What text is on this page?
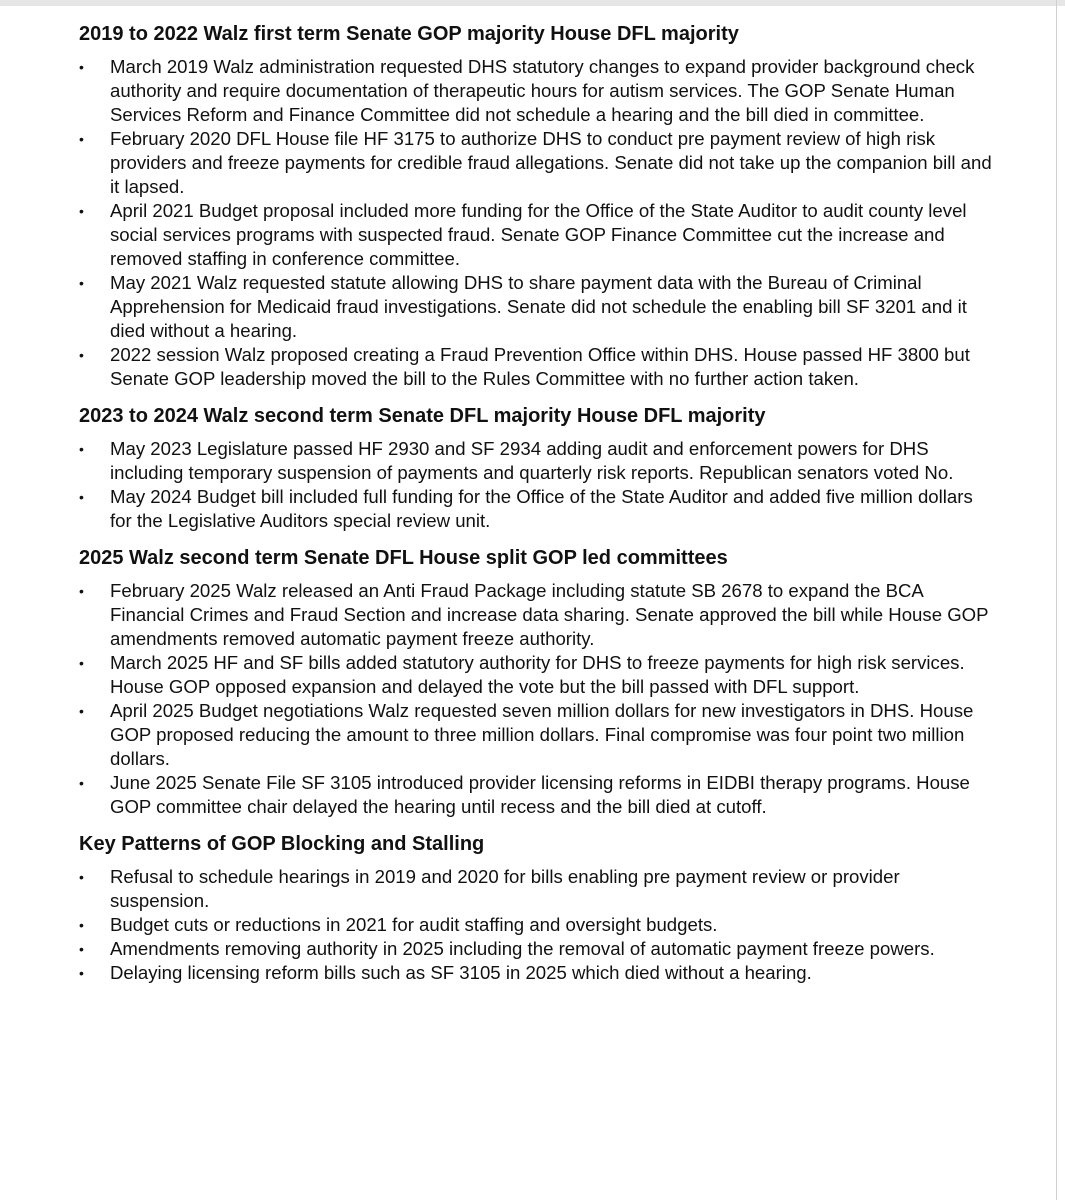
2019 to 2022 Walz first term Senate GOP majority House DFL majority
•	March 2019 Walz administration requested DHS statutory changes to expand provider background check authority and require documentation of therapeutic hours for autism services. The GOP Senate Human Services Reform and Finance Committee did not schedule a hearing and the bill died in committee.
•	February 2020 DFL House file HF 3175 to authorize DHS to conduct pre payment review of high risk providers and freeze payments for credible fraud allegations. Senate did not take up the companion bill and it lapsed.
•	April 2021 Budget proposal included more funding for the Office of the State Auditor to audit county level social services programs with suspected fraud. Senate GOP Finance Committee cut the increase and removed staffing in conference committee.
•	May 2021 Walz requested statute allowing DHS to share payment data with the Bureau of Criminal Apprehension for Medicaid fraud investigations. Senate did not schedule the enabling bill SF 3201 and it died without a hearing.
•	2022 session Walz proposed creating a Fraud Prevention Office within DHS. House passed HF 3800 but Senate GOP leadership moved the bill to the Rules Committee with no further action taken.
2023 to 2024 Walz second term Senate DFL majority House DFL majority
•	May 2023 Legislature passed HF 2930 and SF 2934 adding audit and enforcement powers for DHS including temporary suspension of payments and quarterly risk reports. Republican senators voted No.
•	May 2024 Budget bill included full funding for the Office of the State Auditor and added five million dollars for the Legislative Auditors special review unit.
2025 Walz second term Senate DFL House split GOP led committees
•	February 2025 Walz released an Anti Fraud Package including statute SB 2678 to expand the BCA Financial Crimes and Fraud Section and increase data sharing. Senate approved the bill while House GOP amendments removed automatic payment freeze authority.
•	March 2025 HF and SF bills added statutory authority for DHS to freeze payments for high risk services. House GOP opposed expansion and delayed the vote but the bill passed with DFL support.
•	April 2025 Budget negotiations Walz requested seven million dollars for new investigators in DHS. House GOP proposed reducing the amount to three million dollars. Final compromise was four point two million dollars.
•	June 2025 Senate File SF 3105 introduced provider licensing reforms in EIDBI therapy programs. House GOP committee chair delayed the hearing until recess and the bill died at cutoff.
Key Patterns of GOP Blocking and Stalling
•	Refusal to schedule hearings in 2019 and 2020 for bills enabling pre payment review or provider suspension.
•	Budget cuts or reductions in 2021 for audit staffing and oversight budgets.
•	Amendments removing authority in 2025 including the removal of automatic payment freeze powers.
•	Delaying licensing reform bills such as SF 3105 in 2025 which died without a hearing.
